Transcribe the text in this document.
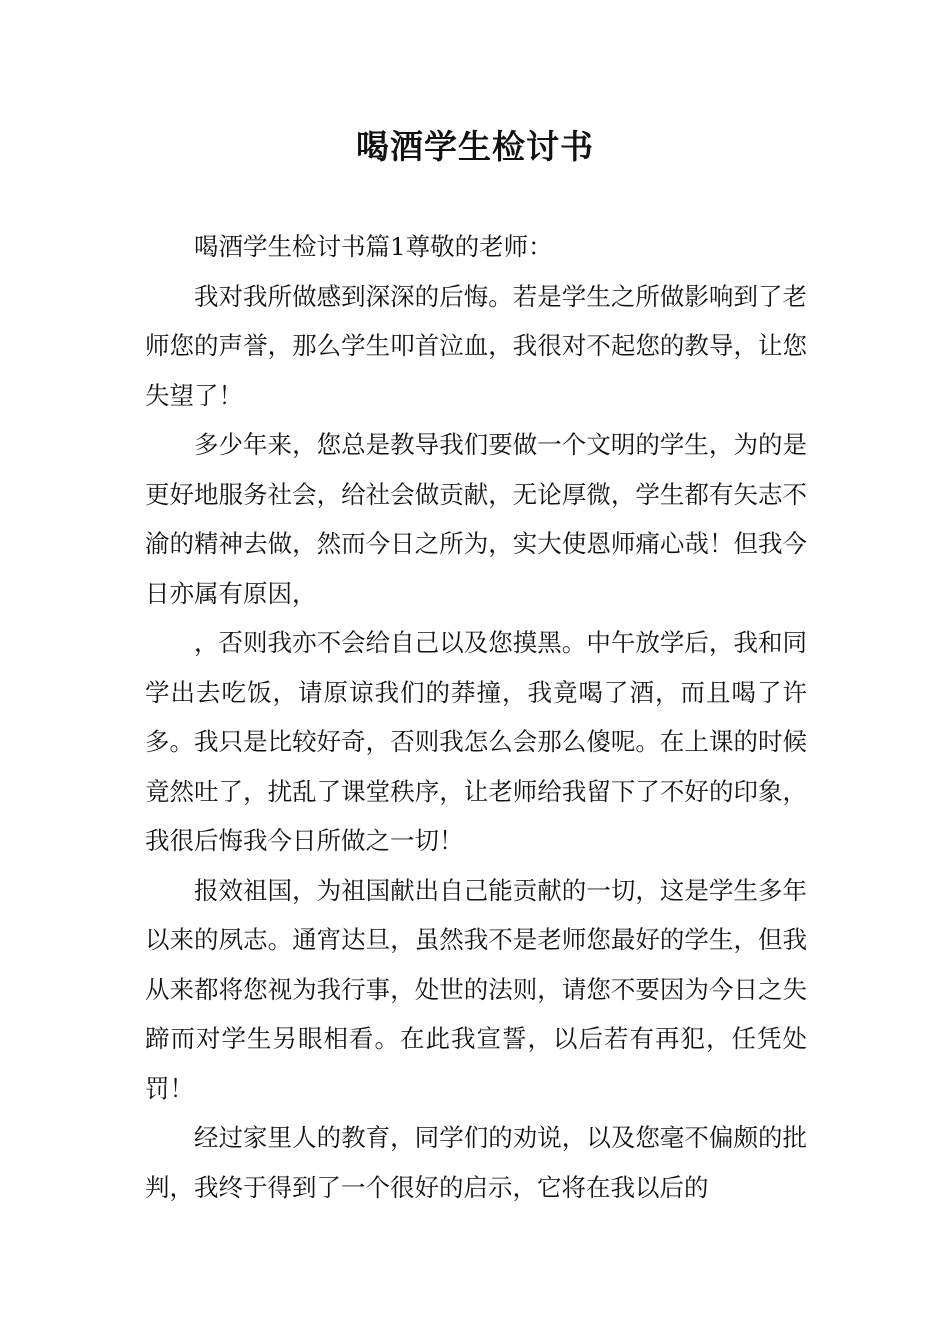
喝酒学生检讨书

喝酒学生检讨书篇1尊敬的老师：

我对我所做感到深深的后悔。若是学生之所做影响到了老师您的声誉，那么学生叩首泣血，我很对不起您的教导，让您失望了！

多少年来，您总是教导我们要做一个文明的学生，为的是更好地服务社会，给社会做贡献，无论厚微，学生都有矢志不渝的精神去做，然而今日之所为，实大使恩师痛心哉！但我今日亦属有原因，

，否则我亦不会给自己以及您摸黑。中午放学后，我和同学出去吃饭，请原谅我们的莽撞，我竟喝了酒，而且喝了许多。我只是比较好奇，否则我怎么会那么傻呢。在上课的时候竟然吐了，扰乱了课堂秩序，让老师给我留下了不好的印象，我很后悔我今日所做之一切！

报效祖国，为祖国献出自己能贡献的一切，这是学生多年以来的夙志。通宵达旦，虽然我不是老师您最好的学生，但我从来都将您视为我行事，处世的法则，请您不要因为今日之失蹄而对学生另眼相看。在此我宣誓，以后若有再犯，任凭处罚！

经过家里人的教育，同学们的劝说，以及您毫不偏颇的批判，我终于得到了一个很好的启示，它将在我以后的
